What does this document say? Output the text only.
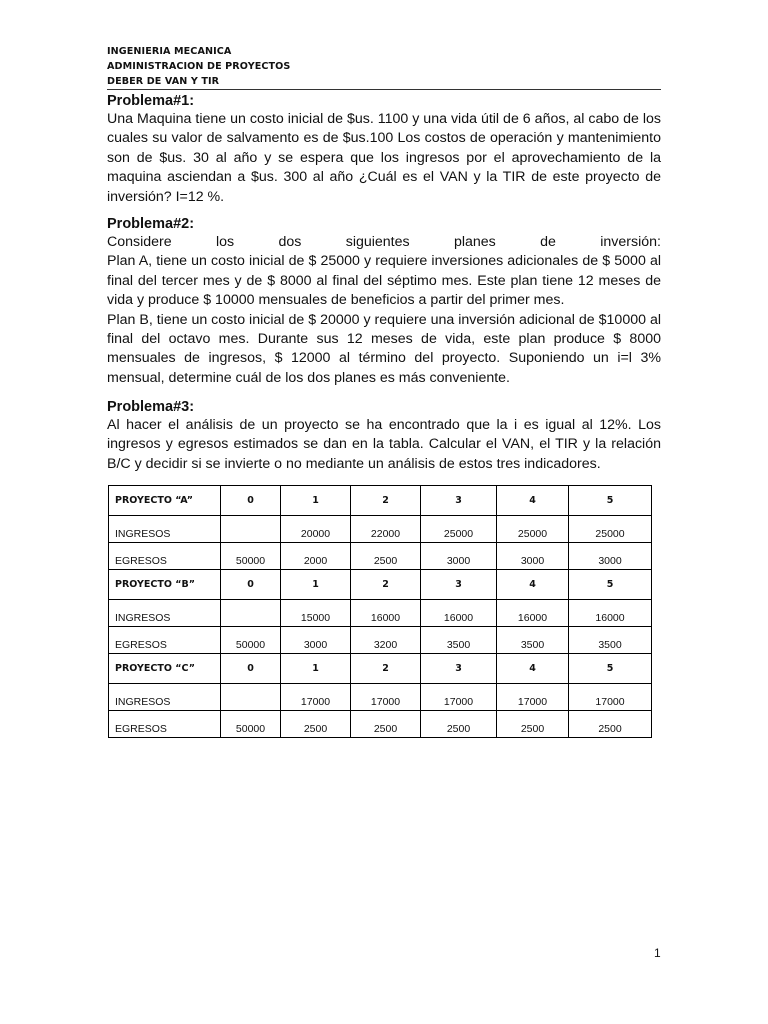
INGENIERIA MECANICA
ADMINISTRACION DE PROYECTOS
DEBER DE VAN Y TIR
Problema#1:

Una Maquina tiene un costo inicial de $us. 1100 y una vida útil de 6 años, al cabo de los cuales su valor de salvamento es de $us.100 Los costos de operación y mantenimiento son de $us. 30 al año y se espera que los ingresos por el aprovechamiento de la maquina asciendan a $us. 300 al año ¿Cuál es el VAN y la TIR de este proyecto de inversión? I=12 %.

Problema#2:
Considere	los	dos	siguientes	planes	de	inversión:

Plan A, tiene un costo inicial de $ 25000 y requiere inversiones adicionales de $ 5000 al final del tercer mes y de $ 8000 al final del séptimo mes. Este plan tiene 12 meses de vida y produce $ 10000 mensuales de beneficios a partir del primer mes.

Plan B, tiene un costo inicial de $ 20000 y requiere una inversión adicional de $10000 al final del octavo mes. Durante sus 12 meses de vida, este plan produce $ 8000 mensuales de ingresos, $ 12000 al término del proyecto. Suponiendo un i=l 3% mensual, determine cuál de los dos planes es más conveniente.

Problema#3:

Al hacer el análisis de un proyecto se ha encontrado que la i es igual al 12%. Los ingresos y egresos estimados se dan en la tabla. Calcular el VAN, el TIR y la relación B/C y decidir si se invierte o no mediante un análisis de estos tres indicadores.

PROYECTO “A”	0	1	2	3	4	5
INGRESOS		20000	22000	25000	25000	25000
EGRESOS	50000	2000	2500	3000	3000	3000
PROYECTO “B”	0	1	2	3	4	5
INGRESOS		15000	16000	16000	16000	16000
EGRESOS	50000	3000	3200	3500	3500	3500
PROYECTO “C”	0	1	2	3	4	5
INGRESOS		17000	17000	17000	17000	17000
EGRESOS	50000	2500	2500	2500	2500	2500
1
